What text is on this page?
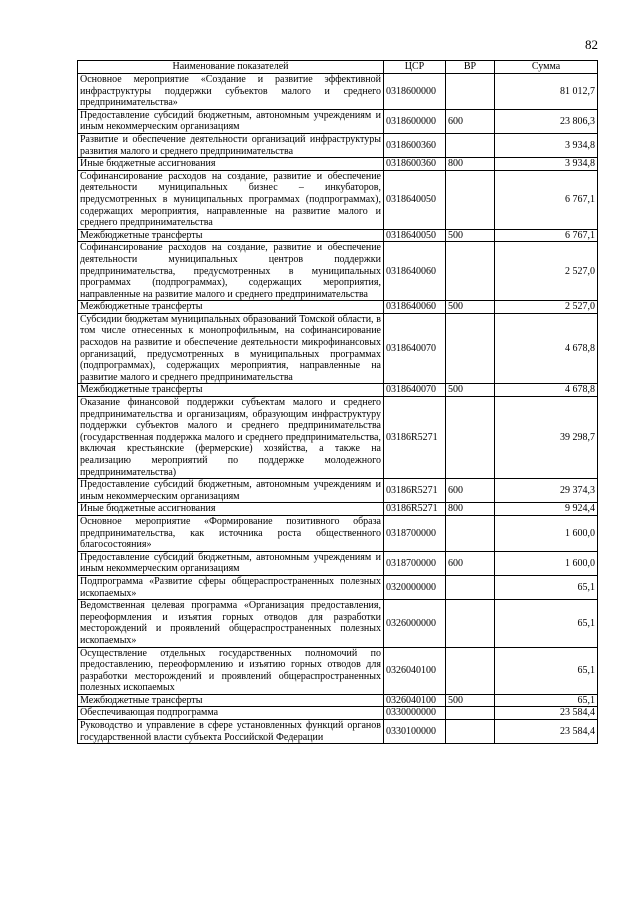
82
Наименование показателей	ЦСР	ВР	Сумма
Основное мероприятие «Создание и развитие эффективной инфраструктуры поддержки субъектов малого и среднего предпринимательства»	0318600000		81 012,7
Предоставление субсидий бюджетным, автономным учреждениям и иным некоммерческим организациям	0318600000	600	23 806,3
Развитие и обеспечение деятельности организаций инфраструктуры развития малого и среднего предпринимательства	0318600360		3 934,8
Иные бюджетные ассигнования	0318600360	800	3 934,8
Софинансирование расходов на создание, развитие и обеспечение деятельности муниципальных бизнес – инкубаторов, предусмотренных в муниципальных программах (подпрограммах), содержащих мероприятия, направленные на развитие малого и среднего предпринимательства	0318640050		6 767,1
Межбюджетные трансферты	0318640050	500	6 767,1
Софинансирование расходов на создание, развитие и обеспечение деятельности муниципальных центров поддержки предпринимательства, предусмотренных в муниципальных программах (подпрограммах), содержащих мероприятия, направленные на развитие малого и среднего предпринимательства	0318640060		2 527,0
Межбюджетные трансферты	0318640060	500	2 527,0
Субсидии бюджетам муниципальных образований Томской области, в том числе отнесенных к монопрофильным, на софинансирование расходов на развитие и обеспечение деятельности микрофинансовых организаций, предусмотренных в муниципальных программах (подпрограммах), содержащих мероприятия, направленные на развитие малого и среднего предпринимательства	0318640070		4 678,8
Межбюджетные трансферты	0318640070	500	4 678,8
Оказание финансовой поддержки субъектам малого и среднего предпринимательства и организациям, образующим инфраструктуру поддержки субъектов малого и среднего предпринимательства (государственная поддержка малого и среднего предпринимательства, включая крестьянские (фермерские) хозяйства, а также на реализацию мероприятий по поддержке молодежного предпринимательства)	03186R5271		39 298,7
Предоставление субсидий бюджетным, автономным учреждениям и иным некоммерческим организациям	03186R5271	600	29 374,3
Иные бюджетные ассигнования	03186R5271	800	9 924,4
Основное мероприятие «Формирование позитивного образа предпринимательства, как источника роста общественного благосостояния»	0318700000		1 600,0
Предоставление субсидий бюджетным, автономным учреждениям и иным некоммерческим организациям	0318700000	600	1 600,0
Подпрограмма «Развитие сферы общераспространенных полезных ископаемых»	0320000000		65,1
Ведомственная целевая программа «Организация предоставления, переоформления и изъятия горных отводов для разработки месторождений и проявлений общераспространенных полезных ископаемых»	0326000000		65,1
Осуществление отдельных государственных полномочий по предоставлению, переоформлению и изъятию горных отводов для разработки месторождений и проявлений общераспространенных полезных ископаемых	0326040100		65,1
Межбюджетные трансферты	0326040100	500	65,1
Обеспечивающая подпрограмма	0330000000		23 584,4
Руководство и управление в сфере установленных функций органов государственной власти субъекта Российской Федерации	0330100000		23 584,4
